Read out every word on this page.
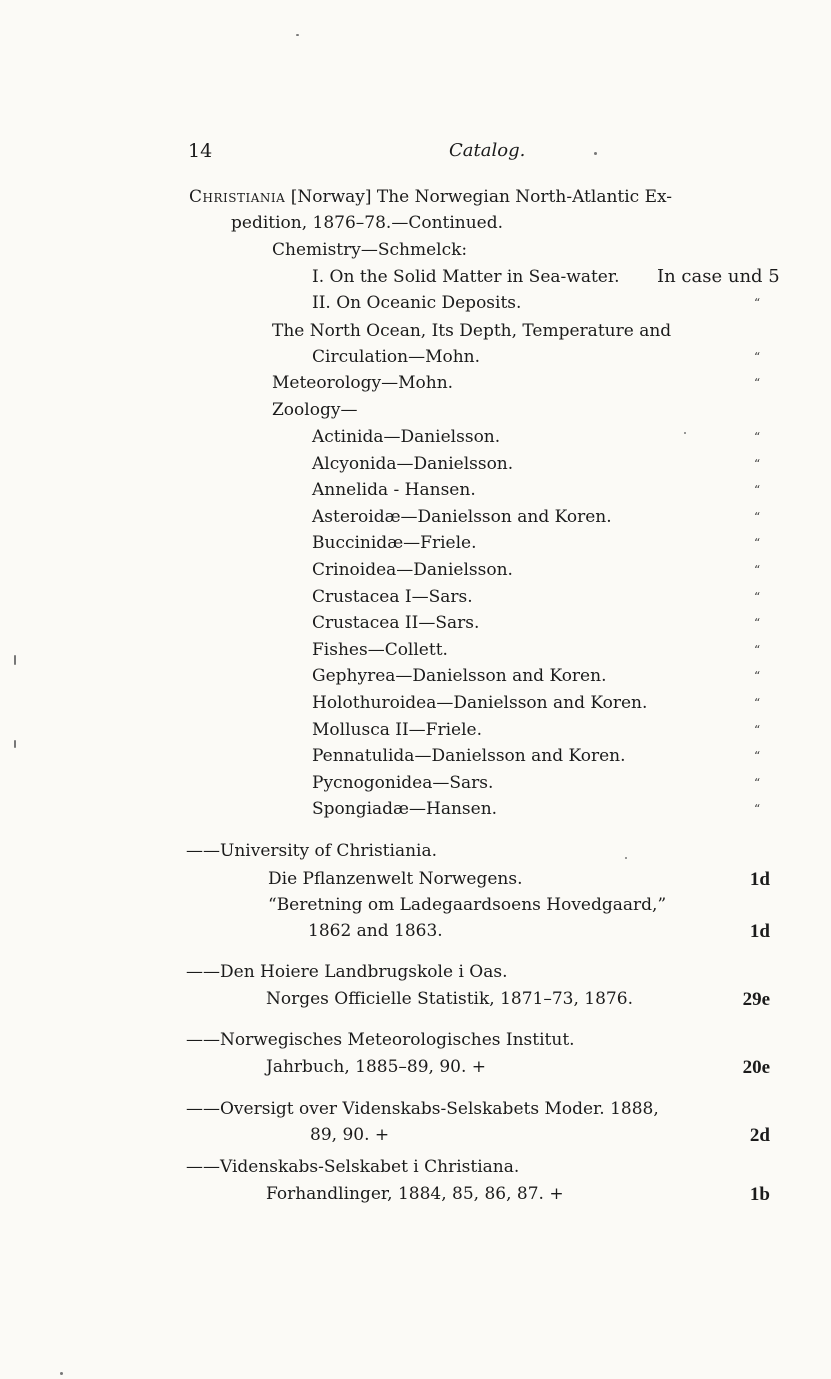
14	Catalog.
Christiania [Norway] The Norwegian North-Atlantic Ex-
pedition, 1876–78.—Continued.
Chemistry—Schmelck:
I. On the Solid Matter in Sea-water. In case und 5
II. On Oceanic Deposits.	“
The North Ocean, Its Depth, Temperature and
Circulation—Mohn.	“
Meteorology—Mohn.	“
Zoology—
Actinida—Danielsson.	“
Alcyonida—Danielsson.	“
Annelida - Hansen.	“
Asteroidæ—Danielsson and Koren.	“
Buccinidæ—Friele.	“
Crinoidea—Danielsson.	“
Crustacea I—Sars.	“
Crustacea II—Sars.	“
Fishes—Collett.	“
Gephyrea—Danielsson and Koren.	“
Holothuroidea—Danielsson and Koren.	“
Mollusca II—Friele.	“
Pennatulida—Danielsson and Koren.	“
Pycnogonidea—Sars.	“
Spongiadæ—Hansen.	“
——University of Christiania.
Die Pflanzenwelt Norwegens.	1d
“Beretning om Ladegaardsoens Hovedgaard,”
1862 and 1863.	1d
——Den Hoiere Landbrugskole i Oas.
Norges Officielle Statistik, 1871–73, 1876.	29e
——Norwegisches Meteorologisches Institut.
Jahrbuch, 1885–89, 90. +	20e
——Oversigt over Videnskabs-Selskabets Moder. 1888,
89, 90. +	2d
——Videnskabs-Selskabet i Christiana.
Forhandlinger, 1884, 85, 86, 87. +	1b
